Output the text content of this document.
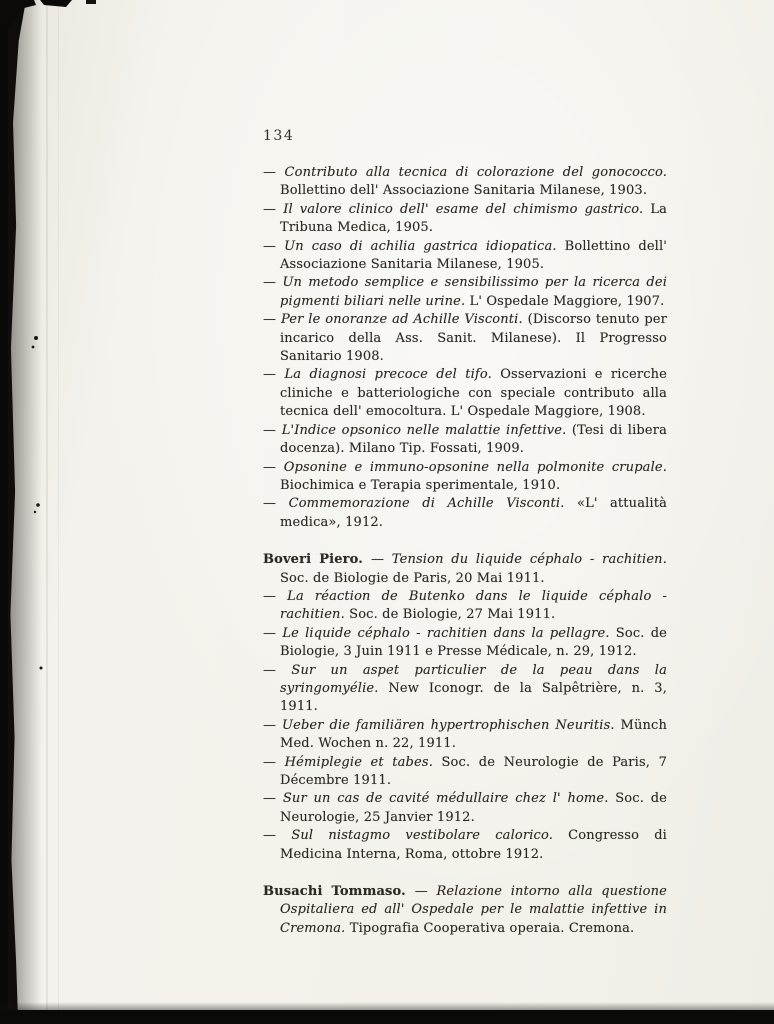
134

— Contributo alla tecnica di colorazione del gonococco. Bollettino dell' Associazione Sanitaria Milanese, 1903.

— Il valore clinico dell' esame del chimismo gastrico. La Tribuna Medica, 1905.

— Un caso di achilia gastrica idiopatica. Bollettino dell' Associazione Sanitaria Milanese, 1905.

— Un metodo semplice e sensibilissimo per la ricerca dei pigmenti biliari nelle urine. L' Ospedale Maggiore, 1907.

— Per le onoranze ad Achille Visconti. (Discorso tenuto per incarico della Ass. Sanit. Milanese). Il Progresso Sanitario 1908.

— La diagnosi precoce del tifo. Osservazioni e ricerche cliniche e batteriologiche con speciale contributo alla tecnica dell' emocoltura. L' Ospedale Maggiore, 1908.

— L'Indice opsonico nelle malattie infettive. (Tesi di libera docenza). Milano Tip. Fossati, 1909.

— Opsonine e immuno-opsonine nella polmonite crupale. Biochimica e Terapia sperimentale, 1910.

— Commemorazione di Achille Visconti. «L' attualità medica», 1912.

Boveri Piero. — Tension du liquide céphalo - rachitien. Soc. de Biologie de Paris, 20 Mai 1911.

— La réaction de Butenko dans le liquide céphalo - rachitien. Soc. de Biologie, 27 Mai 1911.

— Le liquide céphalo - rachitien dans la pellagre. Soc. de Biologie, 3 Juin 1911 e Presse Médicale, n. 29, 1912.

— Sur un aspet particulier de la peau dans la syringomyélie. New Iconogr. de la Salpêtrière, n. 3, 1911.

— Ueber die familiären hypertrophischen Neuritis. Münch Med. Wochen n. 22, 1911.

— Hémiplegie et tabes. Soc. de Neurologie de Paris, 7 Décembre 1911.

— Sur un cas de cavité médullaire chez l' home. Soc. de Neurologie, 25 Janvier 1912.

— Sul nistagmo vestibolare calorico. Congresso di Medicina Interna, Roma, ottobre 1912.

Busachi Tommaso. — Relazione intorno alla questione Ospitaliera ed all' Ospedale per le malattie infettive in Cremona. Tipografia Cooperativa operaia. Cremona.
